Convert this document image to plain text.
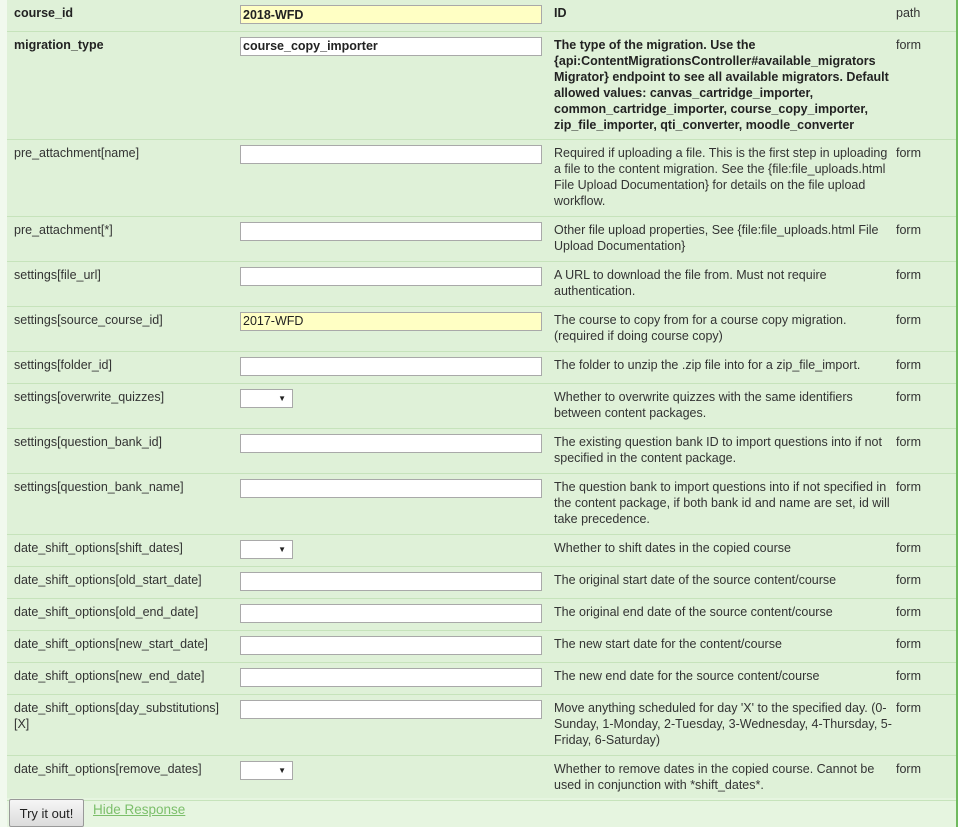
course_id	2018-WFD	ID	path
migration_type	course_copy_importer	The type of the migration. Use the {api:ContentMigrationsController#available_migrators Migrator} endpoint to see all available migrators. Default allowed values: canvas_cartridge_importer, common_cartridge_importer, course_copy_importer, zip_file_importer, qti_converter, moodle_converter	form
pre_attachment[name]		Required if uploading a file. This is the first step in uploading a file to the content migration. See the {file:file_uploads.html File Upload Documentation} for details on the file upload workflow.	form
pre_attachment[*]		Other file upload properties, See {file:file_uploads.html File Upload Documentation}	form
settings[file_url]		A URL to download the file from. Must not require authentication.	form
settings[source_course_id]	2017-WFD	The course to copy from for a course copy migration. (required if doing course copy)	form
settings[folder_id]		The folder to unzip the .zip file into for a zip_file_import.	form
settings[overwrite_quizzes]	▼	Whether to overwrite quizzes with the same identifiers between content packages.	form
settings[question_bank_id]		The existing question bank ID to import questions into if not specified in the content package.	form
settings[question_bank_name]		The question bank to import questions into if not specified in the content package, if both bank id and name are set, id will take precedence.	form
date_shift_options[shift_dates]	▼	Whether to shift dates in the copied course	form
date_shift_options[old_start_date]		The original start date of the source content/course	form
date_shift_options[old_end_date]		The original end date of the source content/course	form
date_shift_options[new_start_date]		The new start date for the content/course	form
date_shift_options[new_end_date]		The new end date for the source content/course	form
date_shift_options[day_substitutions][X]		Move anything scheduled for day 'X' to the specified day. (0-Sunday, 1-Monday, 2-Tuesday, 3-Wednesday, 4-Thursday, 5-Friday, 6-Saturday)	form
date_shift_options[remove_dates]	▼	Whether to remove dates in the copied course. Cannot be used in conjunction with *shift_dates*.	form
Try it out!	Hide Response
